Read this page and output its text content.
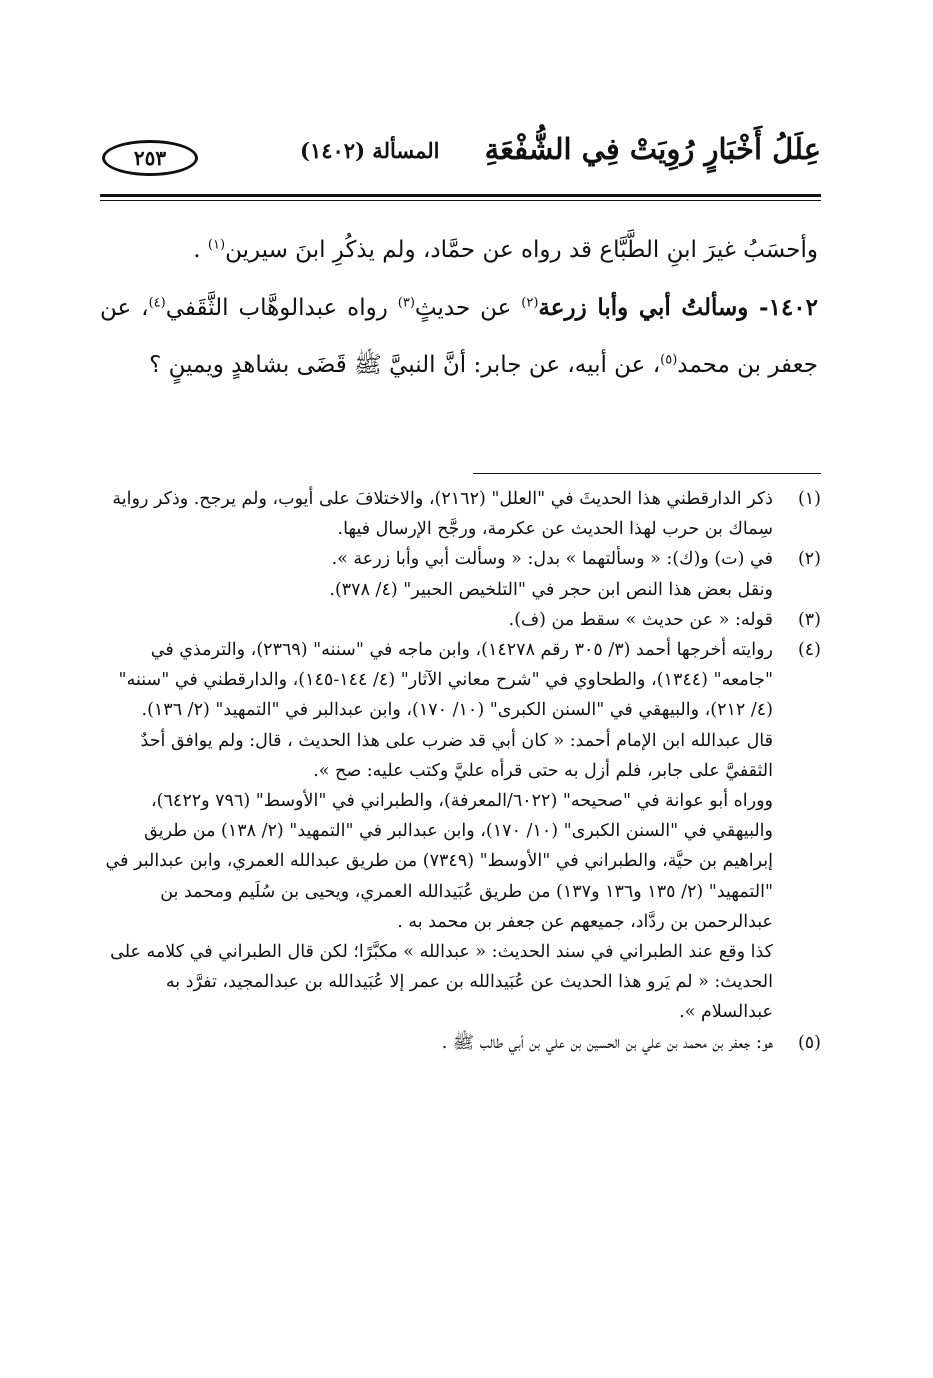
عِلَلُ أَخْبَارٍ رُوِيَتْ فِي الشُّفْعَةِ
المسألة (١٤٠٢)
٢٥٣

وأحسَبُ غيرَ ابنِ الطَّبَّاع قد رواه عن حمَّاد، ولم يذكُرِ ابنَ سيرين$^{(١)}$ .

١٤٠٢- وسألتُ أبي وأبا زرعة$^{(٢)}$ عن حديثٍ$^{(٣)}$ رواه عبدالوهَّاب الثَّقَفي$^{(٤)}$، عن جعفر بن محمد$^{(٥)}$، عن أبيه، عن جابر: أنَّ النبيَّ ﷺ قَضَى بشاهدٍ ويمينٍ ؟

(١)

ذكر الدارقطني هذا الحديثَ في "العلل" (٢١٦٢)، والاختلافَ على أيوب، ولم يرجح. وذكر رواية سِماك بن حرب لهذا الحديث عن عكرمة، ورجَّح الإرسال فيها.

(٢)

في (ت) و(ك): « وسألتهما » بدل: « وسألت أبي وأبا زرعة ».

ونقل بعض هذا النص ابن حجر في "التلخيص الحبير" (٤/ ٣٧٨).

(٣)

قوله: « عن حديث » سقط من (ف).

(٤)

روايته أخرجها أحمد (٣/ ٣٠٥ رقم ١٤٢٧٨)، وابن ماجه في "سننه" (٢٣٦٩)، والترمذي في "جامعه" (١٣٤٤)، والطحاوي في "شرح معاني الآثار" (٤/ ١٤٤-١٤٥)، والدارقطني في "سننه" (٤/ ٢١٢)، والبيهقي في "السنن الكبرى" (١٠/ ١٧٠)، وابن عبدالبر في "التمهيد" (٢/ ١٣٦).

قال عبدالله ابن الإمام أحمد: « كان أبي قد ضرب على هذا الحديث ، قال: ولم يوافق أحدٌ الثقفيَّ على جابر، فلم أزل به حتى قرأه عليَّ وكتب عليه: صح ».

ووراه أبو عوانة في "صحيحه" (٦٠٢٢/المعرفة)، والطبراني في "الأوسط" (٧٩٦ و٦٤٢٢)، والبيهقي في "السنن الكبرى" (١٠/ ١٧٠)، وابن عبدالبر في "التمهيد" (٢/ ١٣٨) من طريق إبراهيم بن حيَّة، والطبراني في "الأوسط" (٧٣٤٩) من طريق عبدالله العمري، وابن عبدالبر في "التمهيد" (٢/ ١٣٥ و١٣٦ و١٣٧) من طريق عُبَيدالله العمري، ويحيى بن سُلَيم ومحمد بن عبدالرحمن بن ردَّاد، جميعهم عن جعفر بن محمد به .

كذا وقع عند الطبراني في سند الحديث: « عبدالله » مكبَّرًا؛ لكن قال الطبراني في كلامه على الحديث: « لم يَرو هذا الحديث عن عُبَيدالله بن عمر إلا عُبَيدالله بن عبدالمجيد، تفرَّد به عبدالسلام ».

(٥)

هو: جعفر بن محمد بن علي بن الحسين بن علي بن أبي طالب ﷺ .
